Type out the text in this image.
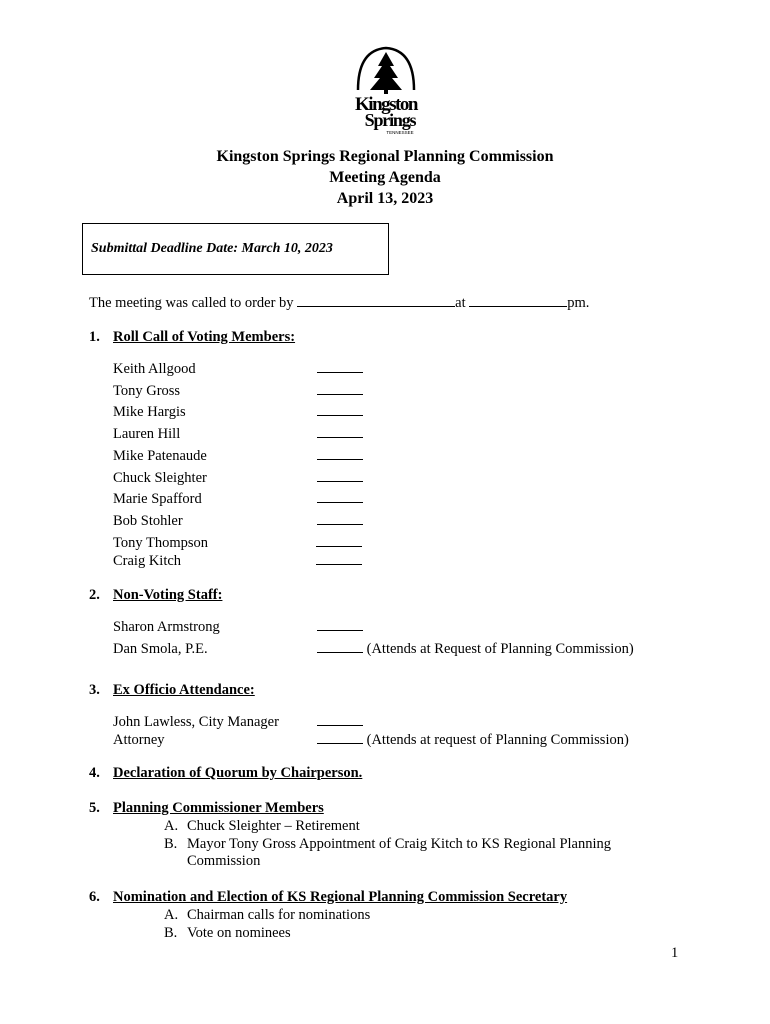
Kingston
Springs
TENNESSEE
Kingston Springs Regional Planning Commission
Meeting Agenda
April 13, 2023
Submittal Deadline Date: March 10, 2023
The meeting was called to order by	at	pm.
1. Roll Call of Voting Members:
Keith Allgood
Tony Gross
Mike Hargis
Lauren Hill
Mike Patenaude
Chuck Sleighter
Marie Spafford
Bob Stohler
Tony Thompson
Craig Kitch
2. Non-Voting Staff:
Sharon Armstrong
Dan Smola, P.E.	(Attends at Request of Planning Commission)
3. Ex Officio Attendance:
John Lawless, City Manager
Attorney	(Attends at request of Planning Commission)
4. Declaration of Quorum by Chairperson.
5. Planning Commissioner Members
A. Chuck Sleighter – Retirement
B. Mayor Tony Gross Appointment of Craig Kitch to KS Regional Planning
Commission
6. Nomination and Election of KS Regional Planning Commission Secretary
A. Chairman calls for nominations
B. Vote on nominees
1
